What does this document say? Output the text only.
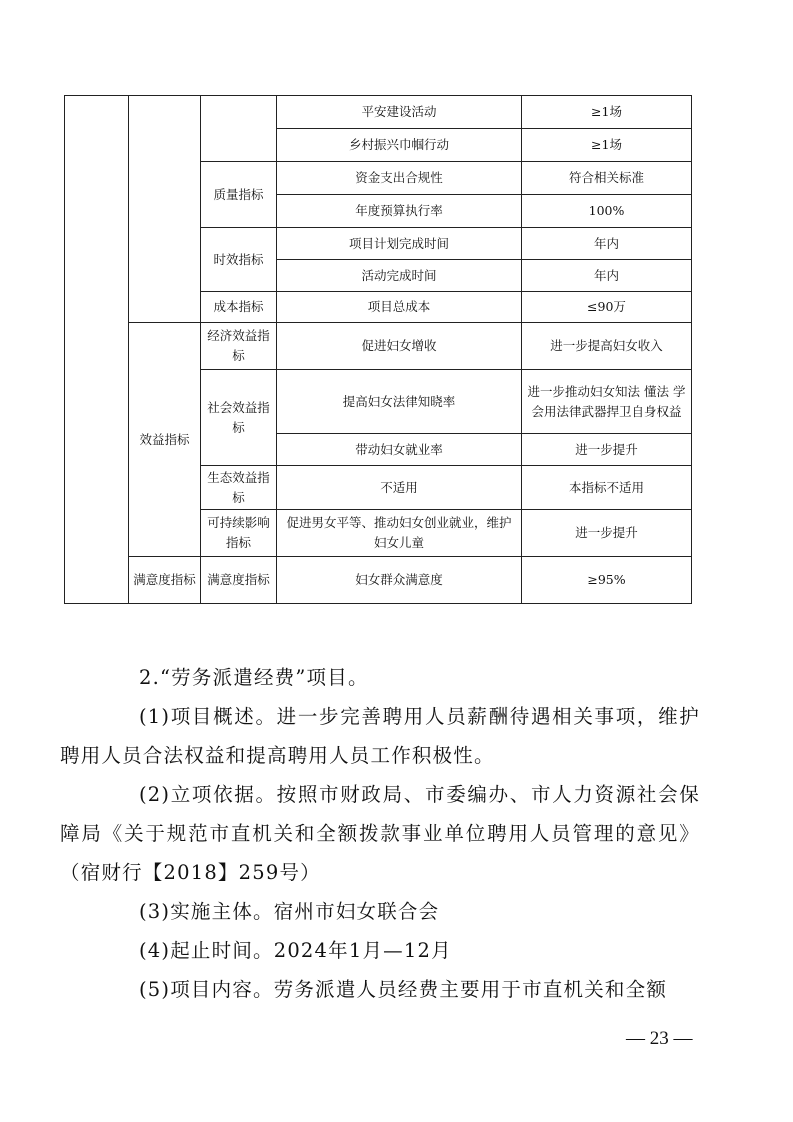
			平安建设活动	≥1场
			乡村振兴巾帼行动	≥1场
		质量指标	资金支出合规性	符合相关标准
			年度预算执行率	100%
		时效指标	项目计划完成时间	年内
			活动完成时间	年内
		成本指标	项目总成本	≤90万
	效益指标	经济效益指标	促进妇女增收	进一步提高妇女收入
		社会效益指标	提高妇女法律知晓率	进一步推动妇女知法 懂法 学会用法律武器捍卫自身权益
			带动妇女就业率	进一步提升
		生态效益指标	不适用	本指标不适用
		可持续影响指标	促进男女平等、推动妇女创业就业，维护妇女儿童	进一步提升
	满意度指标	满意度指标	妇女群众满意度	≥95%

2.“劳务派遣经费”项目。

(1)项目概述。进一步完善聘用人员薪酬待遇相关事项，维护聘用人员合法权益和提高聘用人员工作积极性。

(2)立项依据。按照市财政局、市委编办、市人力资源社会保障局《关于规范市直机关和全额拨款事业单位聘用人员管理的意见》（宿财行【2018】259号）

(3)实施主体。宿州市妇女联合会

(4)起止时间。2024年1月—12月

(5)项目内容。劳务派遣人员经费主要用于市直机关和全额

— 23 —
